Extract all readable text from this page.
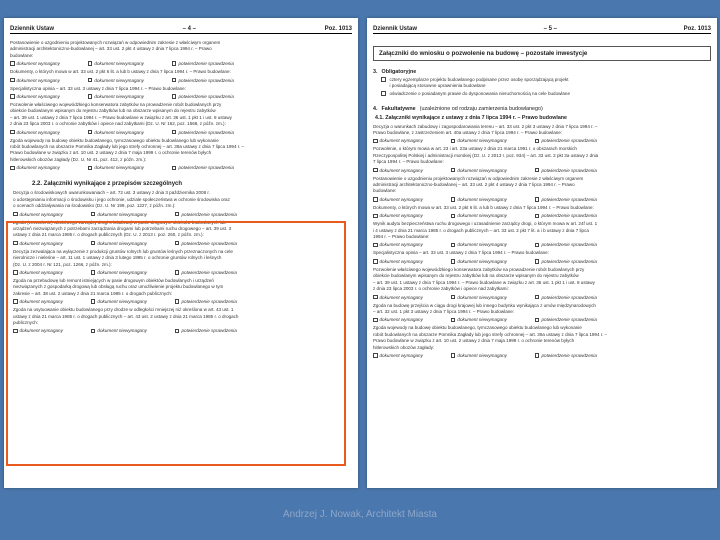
Dziennik Ustaw	– 4 –	Poz. 1013
Postanowienie o uzgodnieniu projektowanych rozwiązań w odpowiednim zakresie z właściwym organem
administracji architektoniczno-budowlanej – art. 33 ust. 2 pkt 4 ustawy z dnia 7 lipca 1994 r. – Prawo
budowlane:
dokument wymagany	dokument niewymagany	potwierdzenie sprawdzenia
Dokumenty, o których mowa w art. 33 ust. 2 pkt 6 lit. a lub b ustawy z dnia 7 lipca 1994 r. – Prawo budowlane:
dokument wymagany	dokument niewymagany	potwierdzenie sprawdzenia
Specjalistyczna opinia – art. 33 ust. 3 ustawy z dnia 7 lipca 1994 r. – Prawo budowlane:
dokument wymagany	dokument niewymagany	potwierdzenie sprawdzenia
Pozwolenie właściwego wojewódzkiego konserwatora zabytków na prowadzenie robót budowlanych przy
obiekcie budowlanym wpisanym do rejestru zabytków lub na obszarze wpisanym do rejestru zabytków
– art. 39 ust. 1 ustawy z dnia 7 lipca 1994 r. – Prawo budowlane w związku z art. 36 ust. 1 pkt 1 i ust. 8 ustawy
z dnia 23 lipca 2003 r. o ochronie zabytków i opiece nad zabytkami (Dz. U. Nr 162, poz. 1568, z późn. zm.):
dokument wymagany	dokument niewymagany	potwierdzenie sprawdzenia
Zgoda wojewody na budowę obiektu budowlanego, tymczasowego obiektu budowlanego lub wykonanie
robót budowlanych na obszarze Pomnika Zagłady lub jego strefy ochronnej – art. 39a ustawy z dnia 7 lipca 1994 r. –
Prawo budowlane w związku z art. 10 ust. 2 ustawy z dnia 7 maja 1999 r. o ochronie terenów byłych
hitlerowskich obozów zagłady (Dz. U. Nr 41, poz. 412, z późn. zm.):
dokument wymagany	dokument niewymagany	potwierdzenie sprawdzenia
2.2. Załączniki wynikające z przepisów szczególnych
Decyzja o środowiskowych uwarunkowaniach – art. 72 ust. 3 ustawy z dnia 3 października 2008 r.
o udostępnianiu informacji o środowisku i jego ochronie, udziale społeczeństwa w ochronie środowiska oraz
o ocenach oddziaływania na środowisko (Dz. U. Nr 199, poz. 1227, z późn. zm.):
dokument wymagany	dokument niewymagany	potwierdzenie sprawdzenia
Zgoda (zezwolenie) właściwego zarządcy drogi o lokalizacji w pasie drogowym obiektów budowlanych lub
urządzeń niezwiązanych z potrzebami zarządzania drogami lub potrzebami ruchu drogowego – art. 39 ust. 3
ustawy z dnia 21 marca 1985 r. o drogach publicznych (Dz. U. z 2013 r. poz. 260, z późn. zm.):
dokument wymagany	dokument niewymagany	potwierdzenie sprawdzenia
Decyzja zezwalająca na wyłączenie z produkcji gruntów rolnych lub gruntów leśnych przeznaczonych na cele
nierolnicze i nieleśne – art. 11 ust. 1 ustawy z dnia 3 lutego 1995 r. o ochronie gruntów rolnych i leśnych
(Dz. U. z 2004 r. Nr 121, poz. 1266, z późn. zm.):
dokument wymagany	dokument niewymagany	potwierdzenie sprawdzenia
Zgoda na przebudowę lub remont istniejących w pasie drogowym obiektów budowlanych i urządzeń
niezwiązanych z gospodarką drogową lub obsługą ruchu oraz umożliwienie projektu budowlanego w tym
zakresie – art. 38 ust. 2 ustawy z dnia 21 marca 1985 r. o drogach publicznych:
dokument wymagany	dokument niewymagany	potwierdzenie sprawdzenia
Zgoda na usytuowanie obiektu budowlanego przy drodze w odległości mniejszej niż określona w art. 43 ust. 1
ustawy z dnia 21 marca 1985 r. o drogach publicznych – art. 43 ust. 2 ustawy z dnia 21 marca 1985 r. o drogach
publicznych:
dokument wymagany	dokument niewymagany	potwierdzenie sprawdzenia
Dziennik Ustaw	– 5 –	Poz. 1013
Załączniki do wniosku o pozwolenie na budowę – pozostałe inwestycje
3. Obligatoryjne
cztery egzemplarze projektu budowlanego podpisane przez osobę sporządzającą projekt
i posiadającą stosowne uprawnienia budowlane
oświadczenie o posiadanym prawie do dysponowania nieruchomością na cele budowlane
4. Fakultatywne (uzależnione od rodzaju zamierzenia budowlanego)
4.1. Załączniki wynikające z ustawy z dnia 7 lipca 1994 r. – Prawo budowlane
Decyzja o warunkach zabudowy i zagospodarowania terenu – art. 33 ust. 2 pkt 3 ustawy z dnia 7 lipca 1994 r. –
Prawo budowlane, z zastrzeżeniem art. 40a ustawy z dnia 7 lipca 1994 r. – Prawo budowlane:
dokument wymagany	dokument niewymagany	potwierdzenie sprawdzenia
Pozwolenie, o którym mowa w art. 23 i art. 23a ustawy z dnia 21 marca 1991 r. o obszarach morskich
Rzeczypospolitej Polskiej i administracji morskiej (Dz. U. z 2013 r. poz. 934) – art. 33 ust. 2 pkt 3a ustawy z dnia
7 lipca 1994 r. – Prawo budowlane:
dokument wymagany	dokument niewymagany	potwierdzenie sprawdzenia
Postanowienie o uzgodnieniu projektowanych rozwiązań w odpowiednim zakresie z właściwym organem
administracji architektoniczno-budowlanej – art. 33 ust. 2 pkt 4 ustawy z dnia 7 lipca 1994 r. – Prawo
budowlane:
dokument wymagany	dokument niewymagany	potwierdzenie sprawdzenia
Dokumenty, o których mowa w art. 33 ust. 2 pkt 6 lit. a lub b ustawy z dnia 7 lipca 1994 r. – Prawo budowlane:
dokument wymagany	dokument niewymagany	potwierdzenie sprawdzenia
Wynik audytu bezpieczeństwa ruchu drogowego i uzasadnienie zarządcy drogi, o którym mowa w art. 24f ust. 1
i 4 ustawy z dnia 21 marca 1985 r. o drogach publicznych – art. 33 ust. 2 pkt 7 lit. a i b ustawy z dnia 7 lipca
1994 r. – Prawo budowlane:
dokument wymagany	dokument niewymagany	potwierdzenie sprawdzenia
Specjalistyczna opinia – art. 33 ust. 3 ustawy z dnia 7 lipca 1994 r. – Prawo budowlane:
dokument wymagany	dokument niewymagany	potwierdzenie sprawdzenia
Pozwolenie właściwego wojewódzkiego konserwatora zabytków na prowadzenie robót budowlanych przy
obiekcie budowlanym wpisanym do rejestru zabytków lub na obszarze wpisanym do rejestru zabytków
– art. 39 ust. 1 ustawy z dnia 7 lipca 1994 r. – Prawo budowlane w związku z art. 36 ust. 1 pkt 1 i ust. 8 ustawy
z dnia 23 lipca 2003 r. o ochronie zabytków i opiece nad zabytkami:
dokument wymagany	dokument niewymagany	potwierdzenie sprawdzenia
Zgoda na budowę przejścia w ciągu drogi krajowej lub innego budynku wynikająca z umów międzynarodowych
– art. 32 ust. 1 pkt 3 ustawy z dnia 7 lipca 1994 r. – Prawo budowlane:
dokument wymagany	dokument niewymagany	potwierdzenie sprawdzenia
Zgoda wojewody na budowę obiektu budowlanego, tymczasowego obiektu budowlanego lub wykonanie
robót budowlanych na obszarze Pomnika Zagłady lub jego strefy ochronnej – art. 39a ustawy z dnia 7 lipca 1994 r. –
Prawo budowlane w związku z art. 10 ust. 2 ustawy z dnia 7 maja 1999 r. o ochronie terenów byłych
hitlerowskich obozów zagłady:
dokument wymagany	dokument niewymagany	potwierdzenie sprawdzenia
Andrzej J. Nowak, Architekt Miasta
